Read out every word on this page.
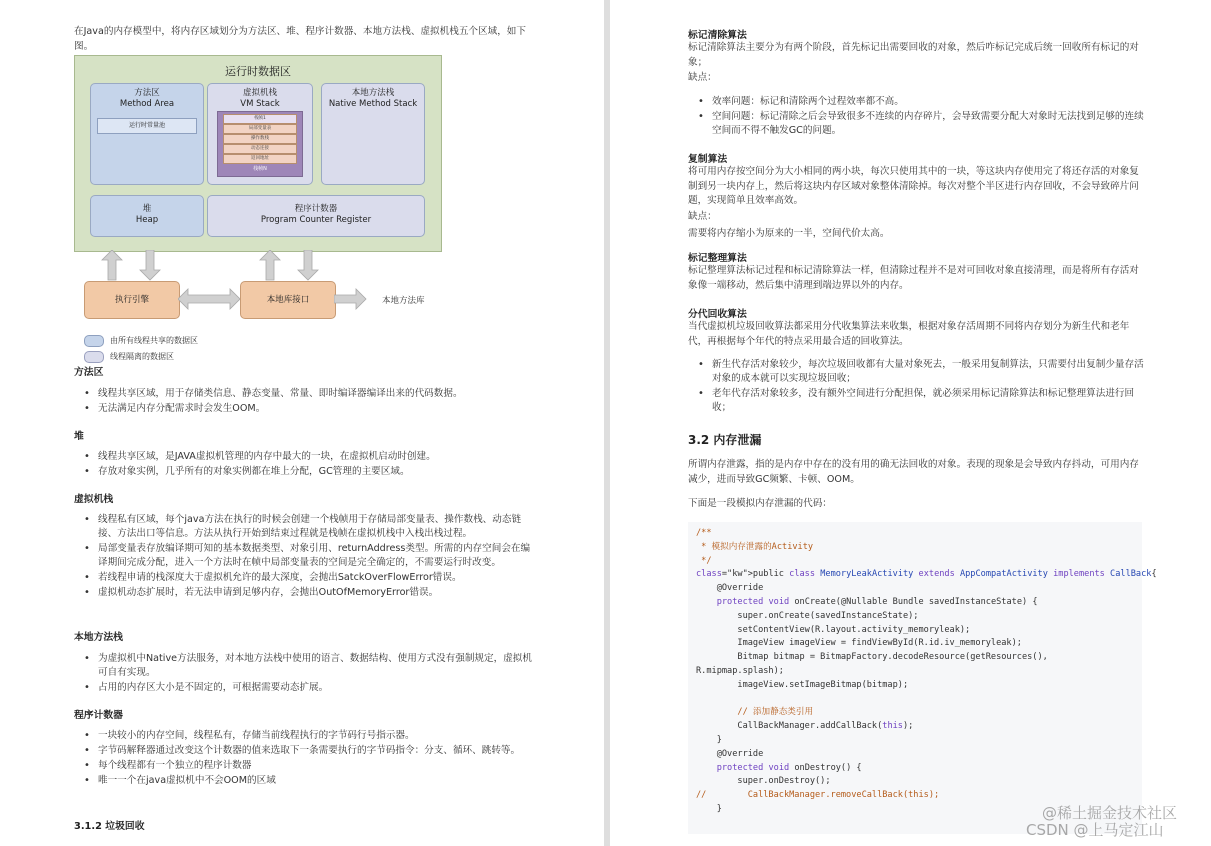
在Java的内存模型中，将内存区域划分为方法区、堆、程序计数器、本地方法栈、虚拟机栈五个区域，如下图。

运行时数据区
方法区
Method Area
运行时常量池
虚拟机栈
VM Stack
栈帧1
局部变量表
操作数栈
动态连接
返回地址
栈帧N
本地方法栈
Native Method Stack
堆
Heap
程序计数器
Program Counter Register
执行引擎	本地库接口	本地方法库
由所有线程共享的数据区
线程隔离的数据区
方法区
• 线程共享区域，用于存储类信息、静态变量、常量、即时编译器编译出来的代码数据。
• 无法满足内存分配需求时会发生OOM。
堆
• 线程共享区域，是JAVA虚拟机管理的内存中最大的一块，在虚拟机启动时创建。
• 存放对象实例，几乎所有的对象实例都在堆上分配，GC管理的主要区域。
虚拟机栈
• 线程私有区域，每个java方法在执行的时候会创建一个栈帧用于存储局部变量表、操作数栈、动态链接、方法出口等信息。方法从执行开始到结束过程就是栈帧在虚拟机栈中入栈出栈过程。
• 局部变量表存放编译期可知的基本数据类型、对象引用、returnAddress类型。所需的内存空间会在编译期间完成分配，进入一个方法时在帧中局部变量表的空间是完全确定的，不需要运行时改变。
• 若线程申请的栈深度大于虚拟机允许的最大深度，会抛出SatckOverFlowError错误。
• 虚拟机动态扩展时，若无法申请到足够内存，会抛出OutOfMemoryError错误。
本地方法栈
• 为虚拟机中Native方法服务，对本地方法栈中使用的语言、数据结构、使用方式没有强制规定，虚拟机可自有实现。
• 占用的内存区大小是不固定的，可根据需要动态扩展。
程序计数器
• 一块较小的内存空间，线程私有，存储当前线程执行的字节码行号指示器。
• 字节码解释器通过改变这个计数器的值来选取下一条需要执行的字节码指令：分支、循环、跳转等。
• 每个线程都有一个独立的程序计数器
• 唯一一个在java虚拟机中不会OOM的区域
3.1.2 垃圾回收
标记清除算法

标记清除算法主要分为有两个阶段，首先标记出需要回收的对象，然后咋标记完成后统一回收所有标记的对象；

缺点：

• 效率问题：标记和清除两个过程效率都不高。
• 空间问题：标记清除之后会导致很多不连续的内存碎片，会导致需要分配大对象时无法找到足够的连续空间而不得不触发GC的问题。
复制算法

将可用内存按空间分为大小相同的两小块，每次只使用其中的一块，等这块内存使用完了将还存活的对象复制到另一块内存上，然后将这块内存区域对象整体清除掉。每次对整个半区进行内存回收，不会导致碎片问题，实现简单且效率高效。

缺点：

需要将内存缩小为原来的一半，空间代价太高。

标记整理算法

标记整理算法标记过程和标记清除算法一样，但清除过程并不是对可回收对象直接清理，而是将所有存活对象像一端移动，然后集中清理到端边界以外的内存。

分代回收算法

当代虚拟机垃圾回收算法都采用分代收集算法来收集，根据对象存活周期不同将内存划分为新生代和老年代，再根据每个年代的特点采用最合适的回收算法。

• 新生代存活对象较少，每次垃圾回收都有大量对象死去，一般采用复制算法，只需要付出复制少量存活对象的成本就可以实现垃圾回收；
• 老年代存活对象较多，没有额外空间进行分配担保，就必须采用标记清除算法和标记整理算法进行回收；
3.2 内存泄漏

所谓内存泄露，指的是内存中存在的没有用的确无法回收的对象。表现的现象是会导致内存抖动，可用内存减少，进而导致GC频繁、卡顿、OOM。

下面是一段模拟内存泄漏的代码：

/**
* 模拟内存泄露的Activity
*/
class="kw">public class MemoryLeakActivity extends AppCompatActivity implements CallBack{
@Override
protected void onCreate(@Nullable Bundle savedInstanceState) {
super.onCreate(savedInstanceState);
setContentView(R.layout.activity_memoryleak);
ImageView imageView = findViewById(R.id.iv_memoryleak);
Bitmap bitmap = BitmapFactory.decodeResource(getResources(),
R.mipmap.splash);
imageView.setImageBitmap(bitmap);

// 添加静态类引用
CallBackManager.addCallBack(this);
}
@Override
protected void onDestroy() {
super.onDestroy();
//        CallBackManager.removeCallBack(this);
}	@稀土掘金技术社区
CSDN @上马定江山
